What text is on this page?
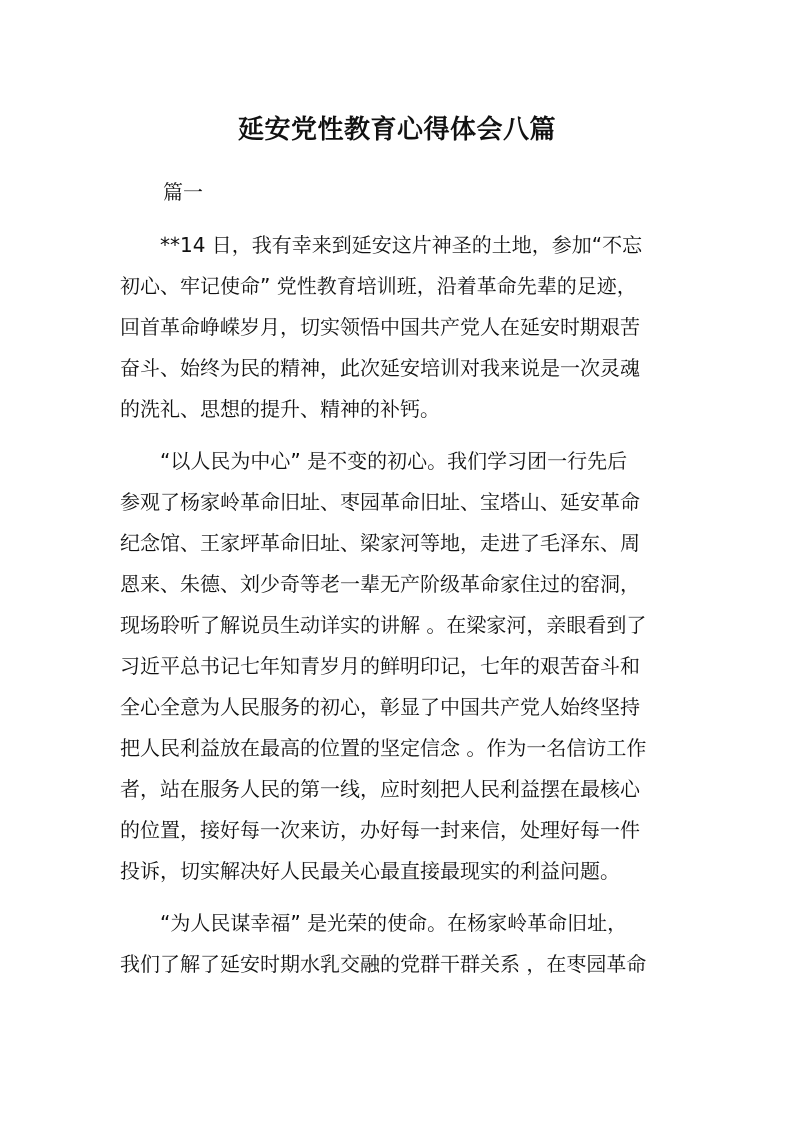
延安党性教育心得体会八篇
篇一
　　**14 日，我有幸来到延安这片神圣的土地，参加“不忘
初心、牢记使命” 党性教育培训班，沿着革命先辈的足迹，
回首革命峥嵘岁月，切实领悟中国共产党人在延安时期艰苦
奋斗、始终为民的精神，此次延安培训对我来说是一次灵魂
的洗礼、思想的提升、精神的补钙。
　　“以人民为中心” 是不变的初心。我们学习团一行先后
参观了杨家岭革命旧址、枣园革命旧址、宝塔山、延安革命
纪念馆、王家坪革命旧址、梁家河等地，走进了毛泽东、周
恩来、朱德、刘少奇等老一辈无产阶级革命家住过的窑洞，
现场聆听了解说员生动详实的讲解 。在梁家河，亲眼看到了
习近平总书记七年知青岁月的鲜明印记，七年的艰苦奋斗和
全心全意为人民服务的初心，彰显了中国共产党人始终坚持
把人民利益放在最高的位置的坚定信念 。作为一名信访工作
者，站在服务人民的第一线，应时刻把人民利益摆在最核心
的位置，接好每一次来访，办好每一封来信，处理好每一件
投诉，切实解决好人民最关心最直接最现实的利益问题。
　　“为人民谋幸福” 是光荣的使命。在杨家岭革命旧址，
我们了解了延安时期水乳交融的党群干群关系 ，在枣园革命
